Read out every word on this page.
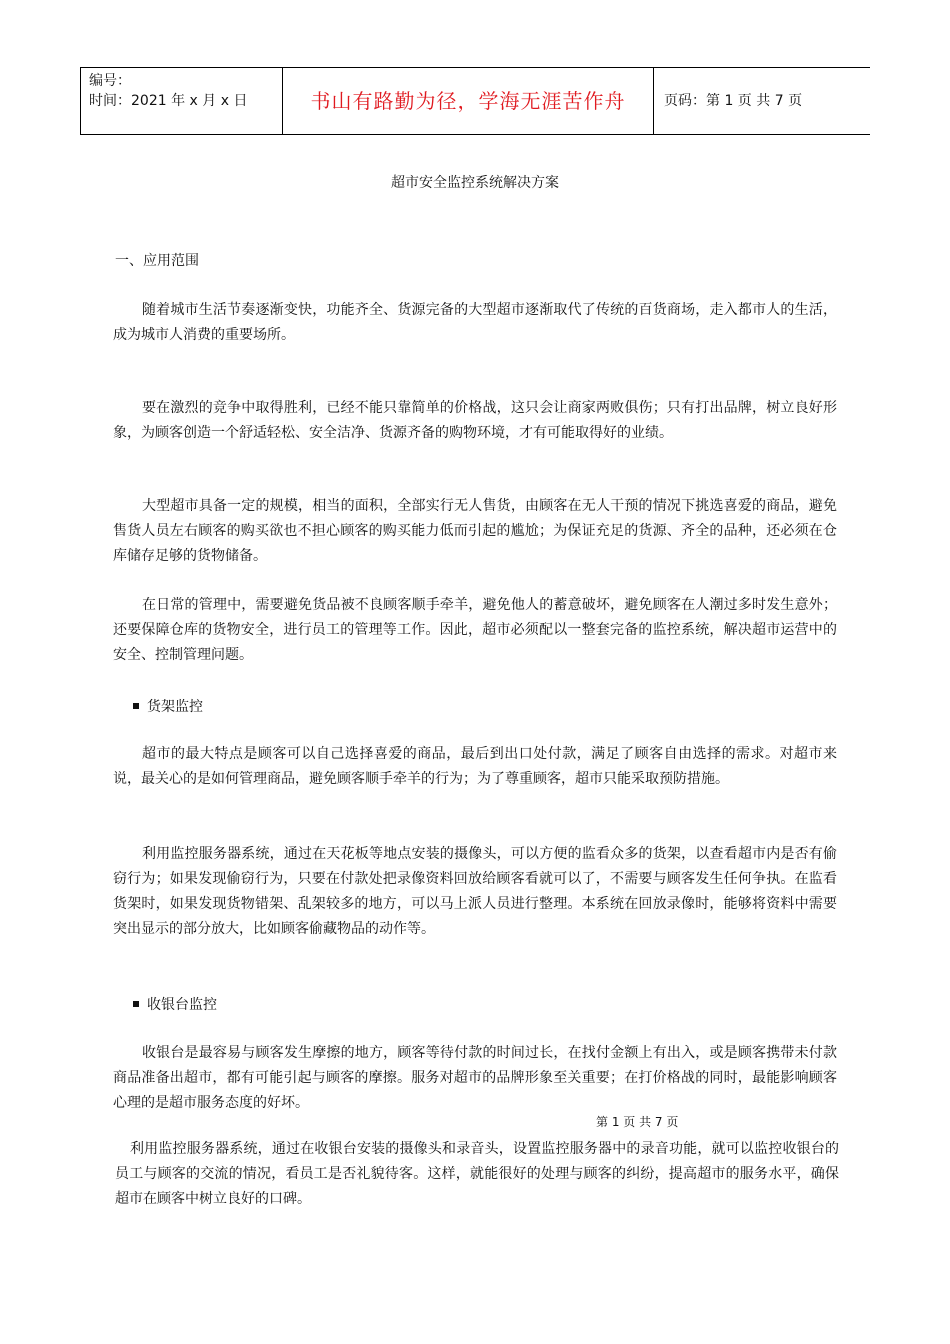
编号：
时间：2021 年 x 月 x 日	书山有路勤为径，学海无涯苦作舟	页码：第 1 页 共 7 页
超市安全监控系统解决方案
一、应用范围

随着城市生活节奏逐渐变快，功能齐全、货源完备的大型超市逐渐取代了传统的百货商场，走入都市人的生活，成为城市人消费的重要场所。

要在激烈的竞争中取得胜利，已经不能只靠简单的价格战，这只会让商家两败俱伤；只有打出品牌，树立良好形象，为顾客创造一个舒适轻松、安全洁净、货源齐备的购物环境，才有可能取得好的业绩。

大型超市具备一定的规模，相当的面积，全部实行无人售货，由顾客在无人干预的情况下挑选喜爱的商品，避免售货人员左右顾客的购买欲也不担心顾客的购买能力低而引起的尴尬；为保证充足的货源、齐全的品种，还必须在仓库储存足够的货物储备。

在日常的管理中，需要避免货品被不良顾客顺手牵羊，避免他人的蓄意破坏，避免顾客在人潮过多时发生意外；还要保障仓库的货物安全，进行员工的管理等工作。因此，超市必须配以一整套完备的监控系统，解决超市运营中的安全、控制管理问题。

货架监控

超市的最大特点是顾客可以自己选择喜爱的商品，最后到出口处付款，满足了顾客自由选择的需求。对超市来说，最关心的是如何管理商品，避免顾客顺手牵羊的行为；为了尊重顾客，超市只能采取预防措施。

利用监控服务器系统，通过在天花板等地点安装的摄像头，可以方便的监看众多的货架，以查看超市内是否有偷窃行为；如果发现偷窃行为，只要在付款处把录像资料回放给顾客看就可以了，不需要与顾客发生任何争执。在监看货架时，如果发现货物错架、乱架较多的地方，可以马上派人员进行整理。本系统在回放录像时，能够将资料中需要突出显示的部分放大，比如顾客偷藏物品的动作等。

收银台监控

收银台是最容易与顾客发生摩擦的地方，顾客等待付款的时间过长，在找付金额上有出入，或是顾客携带未付款商品准备出超市，都有可能引起与顾客的摩擦。服务对超市的品牌形象至关重要；在打价格战的同时，最能影响顾客心理的是超市服务态度的好坏。

第 1 页 共 7 页

利用监控服务器系统，通过在收银台安装的摄像头和录音头，设置监控服务器中的录音功能，就可以监控收银台的员工与顾客的交流的情况，看员工是否礼貌待客。这样，就能很好的处理与顾客的纠纷，提高超市的服务水平，确保超市在顾客中树立良好的口碑。
